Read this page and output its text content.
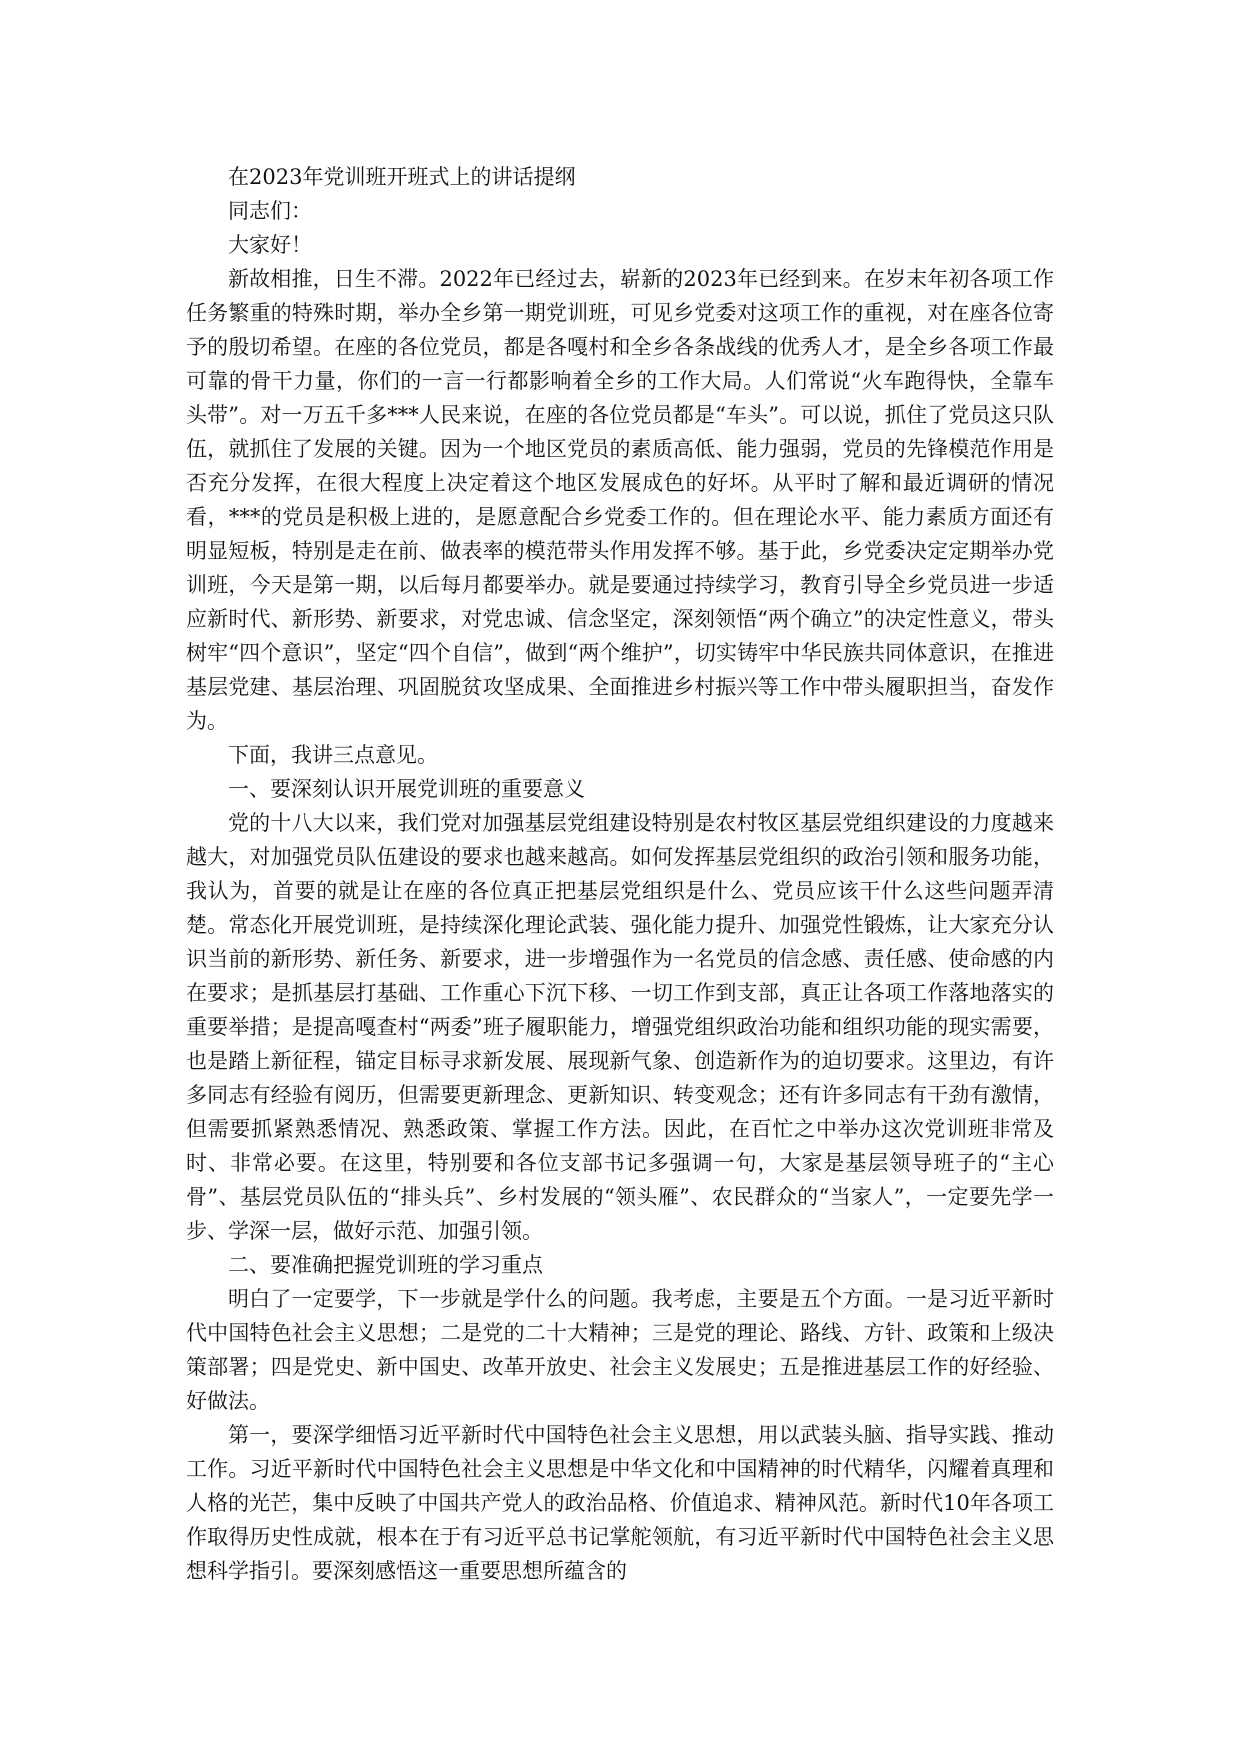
在2023年党训班开班式上的讲话提纲

同志们：

大家好！

新故相推，日生不滞。2022年已经过去，崭新的2023年已经到来。在岁末年初各项工作任务繁重的特殊时期，举办全乡第一期党训班，可见乡党委对这项工作的重视，对在座各位寄予的殷切希望。在座的各位党员，都是各嘎村和全乡各条战线的优秀人才，是全乡各项工作最可靠的骨干力量，你们的一言一行都影响着全乡的工作大局。人们常说“火车跑得快，全靠车头带”。对一万五千多***人民来说，在座的各位党员都是“车头”。可以说，抓住了党员这只队伍，就抓住了发展的关键。因为一个地区党员的素质高低、能力强弱，党员的先锋模范作用是否充分发挥，在很大程度上决定着这个地区发展成色的好坏。从平时了解和最近调研的情况看，***的党员是积极上进的，是愿意配合乡党委工作的。但在理论水平、能力素质方面还有明显短板，特别是走在前、做表率的模范带头作用发挥不够。基于此，乡党委决定定期举办党训班，今天是第一期，以后每月都要举办。就是要通过持续学习，教育引导全乡党员进一步适应新时代、新形势、新要求，对党忠诚、信念坚定，深刻领悟“两个确立”的决定性意义，带头树牢“四个意识”，坚定“四个自信”，做到“两个维护”，切实铸牢中华民族共同体意识，在推进基层党建、基层治理、巩固脱贫攻坚成果、全面推进乡村振兴等工作中带头履职担当，奋发作为。

下面，我讲三点意见。

一、要深刻认识开展党训班的重要意义

党的十八大以来，我们党对加强基层党组建设特别是农村牧区基层党组织建设的力度越来越大，对加强党员队伍建设的要求也越来越高。如何发挥基层党组织的政治引领和服务功能，我认为，首要的就是让在座的各位真正把基层党组织是什么、党员应该干什么这些问题弄清楚。常态化开展党训班，是持续深化理论武装、强化能力提升、加强党性锻炼，让大家充分认识当前的新形势、新任务、新要求，进一步增强作为一名党员的信念感、责任感、使命感的内在要求；是抓基层打基础、工作重心下沉下移、一切工作到支部，真正让各项工作落地落实的重要举措；是提高嘎查村“两委”班子履职能力，增强党组织政治功能和组织功能的现实需要，也是踏上新征程，锚定目标寻求新发展、展现新气象、创造新作为的迫切要求。这里边，有许多同志有经验有阅历，但需要更新理念、更新知识、转变观念；还有许多同志有干劲有激情，但需要抓紧熟悉情况、熟悉政策、掌握工作方法。因此，在百忙之中举办这次党训班非常及时、非常必要。在这里，特别要和各位支部书记多强调一句，大家是基层领导班子的“主心骨”、基层党员队伍的“排头兵”、乡村发展的“领头雁”、农民群众的“当家人”，一定要先学一步、学深一层，做好示范、加强引领。

二、要准确把握党训班的学习重点

明白了一定要学，下一步就是学什么的问题。我考虑，主要是五个方面。一是习近平新时代中国特色社会主义思想；二是党的二十大精神；三是党的理论、路线、方针、政策和上级决策部署；四是党史、新中国史、改革开放史、社会主义发展史；五是推进基层工作的好经验、好做法。

第一，要深学细悟习近平新时代中国特色社会主义思想，用以武装头脑、指导实践、推动工作。习近平新时代中国特色社会主义思想是中华文化和中国精神的时代精华，闪耀着真理和人格的光芒，集中反映了中国共产党人的政治品格、价值追求、精神风范。新时代10年各项工作取得历史性成就，根本在于有习近平总书记掌舵领航，有习近平新时代中国特色社会主义思想科学指引。要深刻感悟这一重要思想所蕴含的
